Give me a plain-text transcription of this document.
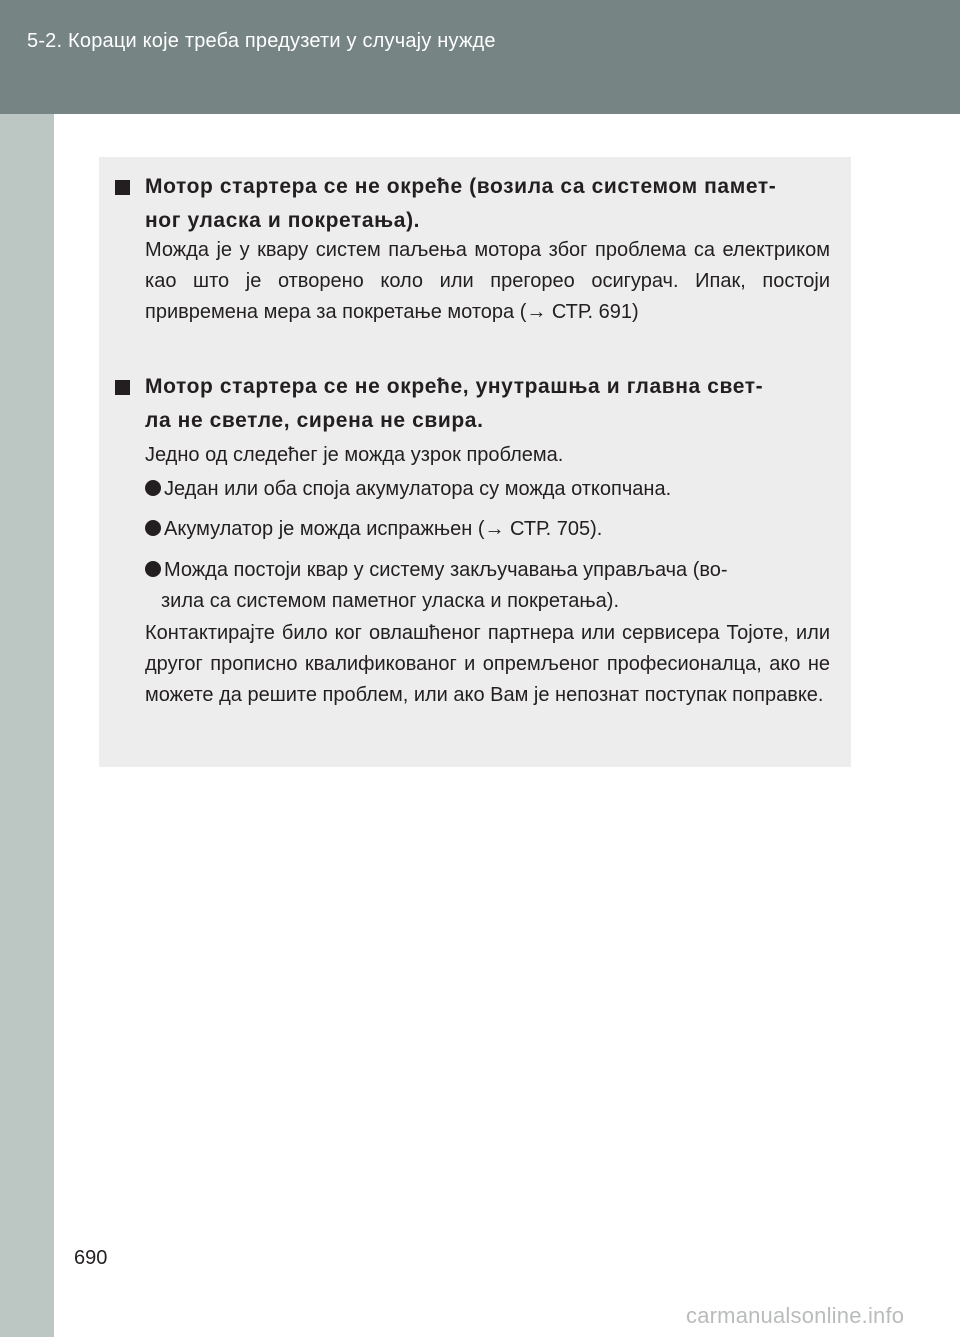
5-2. Кораци које треба предузети у случају нужде
Мотор стартера се не окреће (возила са системом памет-
ног уласка и покретања).
Можда је у квару систем паљења мотора због проблема са електриком као што је отворено коло или прегорео осигурач. Ипак, постоји привремена мера за покретање мотора (→ СТР. 691)
Мотор стартера се не окреће, унутрашња и главна свет-
ла не светле, сирена не свира.
Једно од следећег је можда узрок проблема.
Један или оба споја акумулатора су можда откопчана.
Акумулатор је можда испражњен (→ СТР. 705).
Можда постоји квар у систему закључавања управљача (во-
зила са системом паметног уласка и покретања).
Контактирајте било ког овлашћеног партнера или сервисера Тојоте, или другог прописно квалификованог и опремљеног професионалца, ако не можете да решите проблем, или ако Вам је непознат поступак поправке.
690
carmanualsonline.info
